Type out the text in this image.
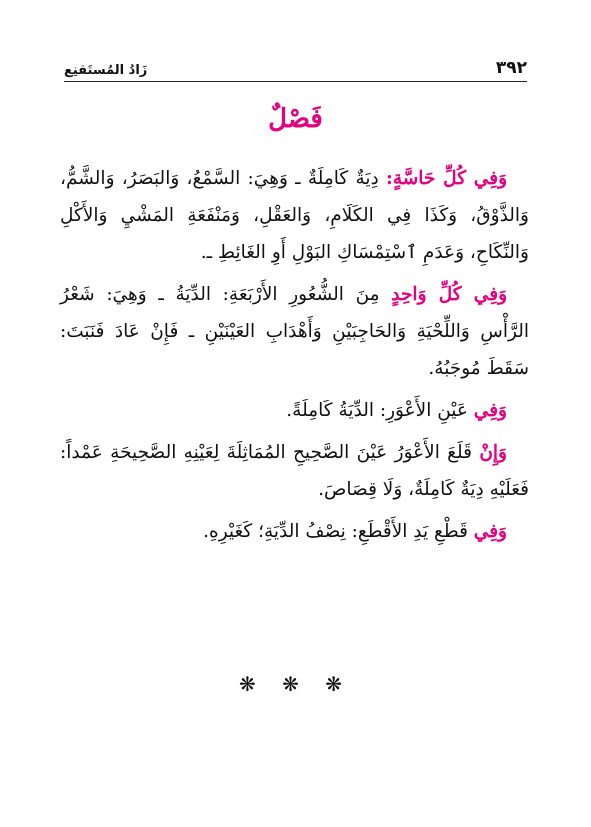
٣٩٢
زَادُ المُستَقنِع
فَصْلٌ

وَفِي كُلِّ حَاسَّةٍ: دِيَةٌ كَامِلَةٌ ـ وَهِيَ: السَّمْعُ، وَالبَصَرُ، وَالشَّمُّ، وَالذَّوْقُ، وَكَذَا فِي الكَلَامِ، وَالعَقْلِ، وَمَنْفَعَةِ المَشْيِ وَالأَكْلِ وَالنِّكَاحِ، وَعَدَمِ ٱسْتِمْسَاكِ البَوْلِ أَوِ الغَائِطِ ـ.

وَفِي كُلِّ وَاحِدٍ مِنَ الشُّعُورِ الأَرْبَعَةِ: الدِّيَةُ ـ وَهِيَ: شَعْرُ الرَّأْسِ وَاللِّحْيَةِ وَالحَاجِبَيْنِ وَأَهْدَابِ العَيْنَيْنِ ـ فَإِنْ عَادَ فَنَبَتَ: سَقَطَ مُوجَبُهُ.

وَفِي عَيْنِ الأَعْوَرِ: الدِّيَةُ كَامِلَةً.

وَإِنْ قَلَعَ الأَعْوَرُ عَيْنَ الصَّحِيحِ المُمَاثِلَةَ لِعَيْنِهِ الصَّحِيحَةِ عَمْداً: فَعَلَيْهِ دِيَةٌ كَامِلَةٌ، وَلَا قِصَاصَ.

وَفِي قَطْعِ يَدِ الأَقْطَعِ: نِصْفُ الدِّيَةِ؛ كَغَيْرِهِ.

❋ ❋ ❋
